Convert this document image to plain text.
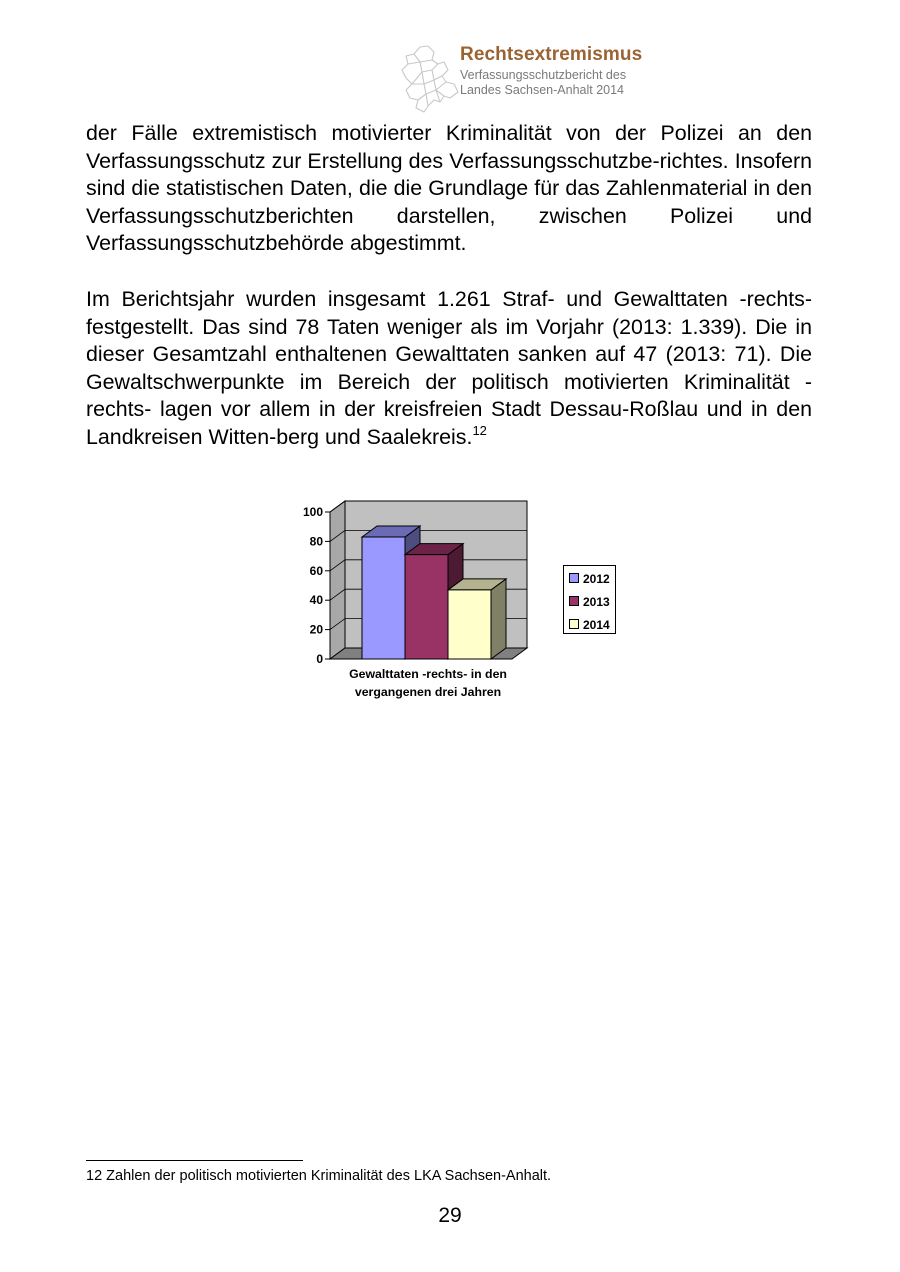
Rechtsextremismus
Verfassungsschutzbericht des
Landes Sachsen-Anhalt 2014
der Fälle extremistisch motivierter Kriminalität von der Polizei an den Verfassungsschutz zur Erstellung des Verfassungsschutzbe-richtes. Insofern sind die statistischen Daten, die die Grundlage für das Zahlenmaterial in den Verfassungsschutzberichten darstellen, zwischen Polizei und Verfassungsschutzbehörde abgestimmt.
Im Berichtsjahr wurden insgesamt 1.261 Straf- und Gewalttaten -rechts- festgestellt. Das sind 78 Taten weniger als im Vorjahr (2013: 1.339). Die in dieser Gesamtzahl enthaltenen Gewalttaten sanken auf 47 (2013: 71). Die Gewaltschwerpunkte im Bereich der politisch motivierten Kriminalität -rechts- lagen vor allem in der kreisfreien Stadt Dessau-Roßlau und in den Landkreisen Witten-berg und Saalekreis.$^{12}$
0
20
40
60
80
100
Gewalttaten -rechts- in den
vergangenen drei Jahren
2012
2013
2014
12 Zahlen der politisch motivierten Kriminalität des LKA Sachsen-Anhalt.
29
